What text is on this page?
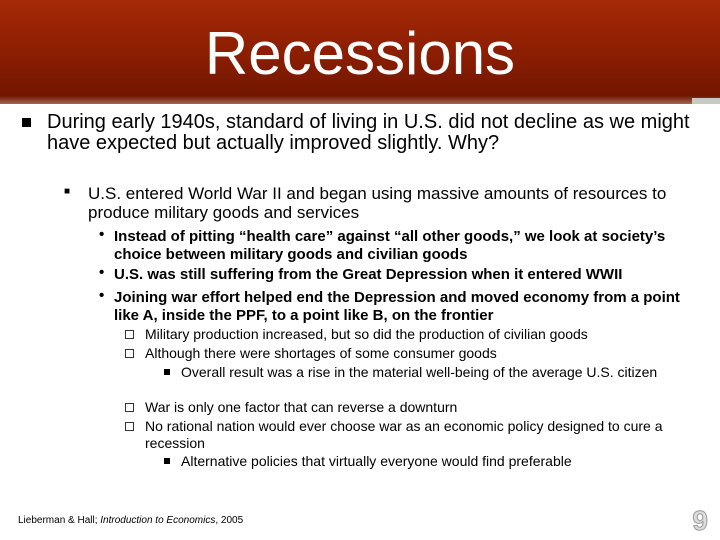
Recessions
During early 1940s, standard of living in U.S. did not decline as we might have expected but actually improved slightly. Why?
■ U.S. entered World War II and began using massive amounts of resources to produce military goods and services
• Instead of pitting “health care” against “all other goods,” we look at society’s choice between military goods and civilian goods
• U.S. was still suffering from the Great Depression when it entered WWII
• Joining war effort helped end the Depression and moved economy from a point like A, inside the PPF, to a point like B, on the frontier
Military production increased, but so did the production of civilian goods
Although there were shortages of some consumer goods
Overall result was a rise in the material well-being of the average U.S. citizen
War is only one factor that can reverse a downturn
No rational nation would ever choose war as an economic policy designed to cure a recession
Alternative policies that virtually everyone would find preferable
Lieberman & Hall; Introduction to Economics, 2005	9
